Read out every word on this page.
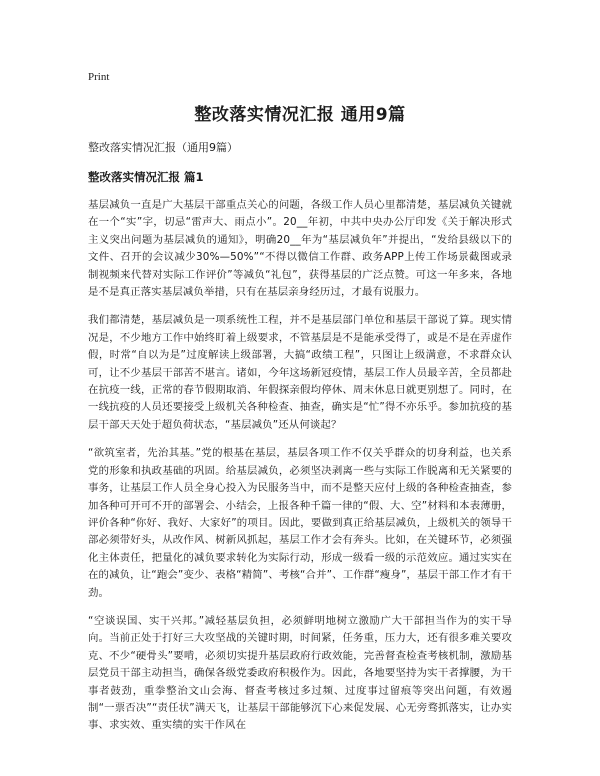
Print
整改落实情况汇报 通用9篇
整改落实情况汇报（通用9篇）
整改落实情况汇报 篇1

基层减负一直是广大基层干部重点关心的问题，各级工作人员心里都清楚，基层减负关键就在一个“实”字，切忌“雷声大、雨点小”。20__年初，中共中央办公厅印发《关于解决形式主义突出问题为基层减负的通知》，明确20__年为“基层减负年”并提出，“发给县级以下的文件、召开的会议减少30%—50%”“不得以微信工作群、政务APP上传工作场景截图或录制视频来代替对实际工作评价”等减负“礼包”，获得基层的广泛点赞。可这一年多来，各地是不是真正落实基层减负举措，只有在基层亲身经历过，才最有说服力。

我们都清楚，基层减负是一项系统性工程，并不是基层部门单位和基层干部说了算。现实情况是，不少地方工作中始终盯着上级要求，不管基层是不是能承受得了，或是不是在弄虚作假，时常“自以为是”过度解读上级部署，大搞“政绩工程”，只图让上级满意，不求群众认可，让不少基层干部苦不堪言。诸如，今年这场新冠疫情，基层工作人员最辛苦，全员都赴在抗疫一线，正常的春节假期取消、年假探亲假均停休、周末休息日就更别想了。同时，在一线抗疫的人员还要接受上级机关各种检查、抽查，确实是“忙”得不亦乐乎。参加抗疫的基层干部天天处于超负荷状态，“基层减负”还从何谈起？

“欲筑室者，先治其基。”党的根基在基层，基层各项工作不仅关乎群众的切身利益，也关系党的形象和执政基础的巩固。给基层减负，必须坚决剥离一些与实际工作脱离和无关紧要的事务，让基层工作人员全身心投入为民服务当中，而不是整天应付上级的各种检查抽查，参加各种可开可不开的部署会、小结会，上报各种千篇一律的“假、大、空”材料和本表薄册，评价各种“你好、我好、大家好”的项目。因此，要做到真正给基层减负，上级机关的领导干部必须带好头，从改作风、树新风抓起，基层工作才会有奔头。比如，在关键环节，必须强化主体责任，把量化的减负要求转化为实际行动，形成一级看一级的示范效应。通过实实在在的减负，让“跑会”变少、表格“精简”、考核“合并”、工作群“瘦身”，基层干部工作才有干劲。

“空谈误国、实干兴邦。”减轻基层负担，必须鲜明地树立激励广大干部担当作为的实干导向。当前正处于打好三大攻坚战的关键时期，时间紧，任务重，压力大，还有很多难关要攻克、不少“硬骨头”要啃，必须切实提升基层政府行政效能，完善督查检查考核机制，激励基层党员干部主动担当，确保各级党委政府积极作为。因此，各地要坚持为实干者撑腰，为干事者鼓劲，重拳整治文山会海、督查考核过多过频、过度事过留痕等突出问题，有效遏制“一票否决”“责任状”满天飞，让基层干部能够沉下心来促发展、心无旁骛抓落实，让办实事、求实效、重实绩的实干作风在
